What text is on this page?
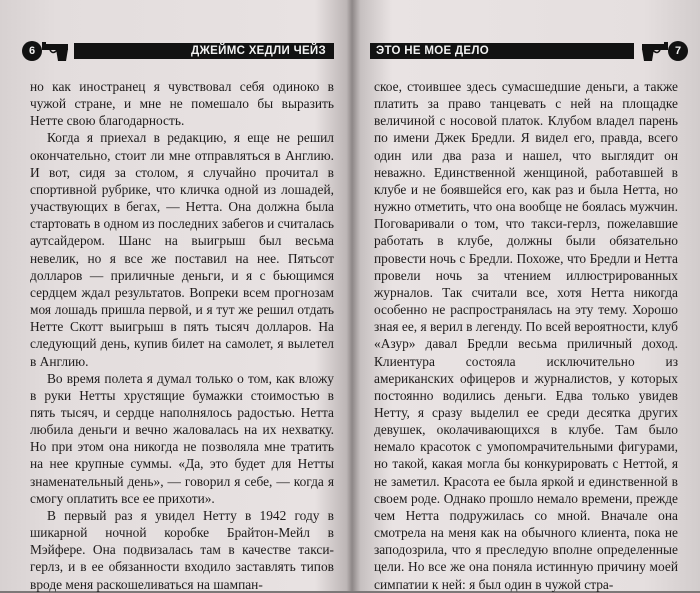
6	ДЖЕЙМС ХЕДЛИ ЧЕЙЗ

но как иностранец я чувствовал себя одиноко в чужой стране, и мне не помешало бы выразить Нетте свою благодарность.

Когда я приехал в редакцию, я еще не решил окончательно, стоит ли мне отправляться в Англию. И вот, сидя за столом, я случайно прочитал в спортивной рубрике, что кличка одной из лошадей, участвующих в бегах, — Нетта. Она должна была стартовать в одном из последних забегов и считалась аутсайдером. Шанс на выигрыш был весьма невелик, но я все же поставил на нее. Пятьсот долларов — приличные деньги, и я с бьющимся сердцем ждал результатов. Вопреки всем прогнозам моя лошадь пришла первой, и я тут же решил отдать Нетте Скотт выигрыш в пять тысяч долларов. На следующий день, купив билет на самолет, я вылетел в Англию.

Во время полета я думал только о том, как вложу в руки Нетты хрустящие бумажки стоимостью в пять тысяч, и сердце наполнялось радостью. Нетта любила деньги и вечно жаловалась на их нехватку. Но при этом она никогда не позволяла мне тратить на нее крупные суммы. «Да, это будет для Нетты знаменательный день», — говорил я себе, — когда я смогу оплатить все ее прихоти».

В первый раз я увидел Нетту в 1942 году в шикарной ночной коробке Брайтон-Мейл в Мэйфере. Она подвизалась там в качестве такси-герлз, и в ее обязанности входило заставлять типов вроде меня раскошеливаться на шампан-

ЭТО НЕ МОЕ ДЕЛО	7

ское, стоившее здесь сумасшедшие деньги, а также платить за право танцевать с ней на площадке величиной с носовой платок. Клубом владел парень по имени Джек Бредли. Я видел его, правда, всего один или два раза и нашел, что выглядит он неважно. Единственной женщиной, работавшей в клубе и не боявшейся его, как раз и была Нетта, но нужно отметить, что она вообще не боялась мужчин. Поговаривали о том, что такси-герлз, пожелавшие работать в клубе, должны были обязательно провести ночь с Бредли. Похоже, что Бредли и Нетта провели ночь за чтением иллюстрированных журналов. Так считали все, хотя Нетта никогда особенно не распространялась на эту тему. Хорошо зная ее, я верил в легенду. По всей вероятности, клуб «Азур» давал Бредли весьма приличный доход. Клиентура состояла исключительно из американских офицеров и журналистов, у которых постоянно водились деньги. Едва только увидев Нетту, я сразу выделил ее среди десятка других девушек, околачивающихся в клубе. Там было немало красоток с умопомрачительными фигурами, но такой, какая могла бы конкурировать с Неттой, я не заметил. Красота ее была яркой и единственной в своем роде. Однако прошло немало времени, прежде чем Нетта подружилась со мной. Вначале она смотрела на меня как на обычного клиента, пока не заподозрила, что я преследую вполне определенные цели. Но все же она поняла истинную причину моей симпатии к ней: я был один в чужой стра-
